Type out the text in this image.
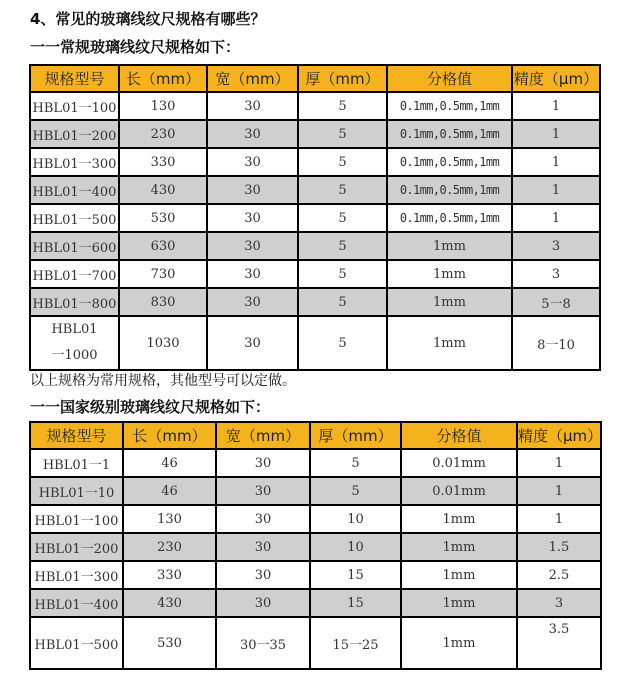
4、常见的玻璃线纹尺规格有哪些？
一一常规玻璃线纹尺规格如下：
规格型号	长（mm）	宽（mm）	厚（mm）	分格值	精度（μm）
HBL01一100	130	30	5	0.1mm,0.5mm,1mm	1
HBL01一200	230	30	5	0.1mm,0.5mm,1mm	1
HBL01一300	330	30	5	0.1mm,0.5mm,1mm	1
HBL01一400	430	30	5	0.1mm,0.5mm,1mm	1
HBL01一500	530	30	5	0.1mm,0.5mm,1mm	1
HBL01一600	630	30	5	1mm	3
HBL01一700	730	30	5	1mm	3
HBL01一800	830	30	5	1mm	5一8

HBL01一1000	1030	30	5	1mm	8一10
以上规格为常用规格，其他型号可以定做。
一一国家级别玻璃线纹尺规格如下：
规格型号	长（mm）	宽（mm）	厚（mm）	分格值	精度（μm）
HBL01一1	46	30	5	0.01mm	1
HBL01一10	46	30	5	0.01mm	1
HBL01一100	130	30	10	1mm	1
HBL01一200	230	30	10	1mm	1.5
HBL01一300	330	30	15	1mm	2.5
HBL01一400	430	30	15	1mm	3
HBL01一500	530	30一35	15一25	1mm	3.5
